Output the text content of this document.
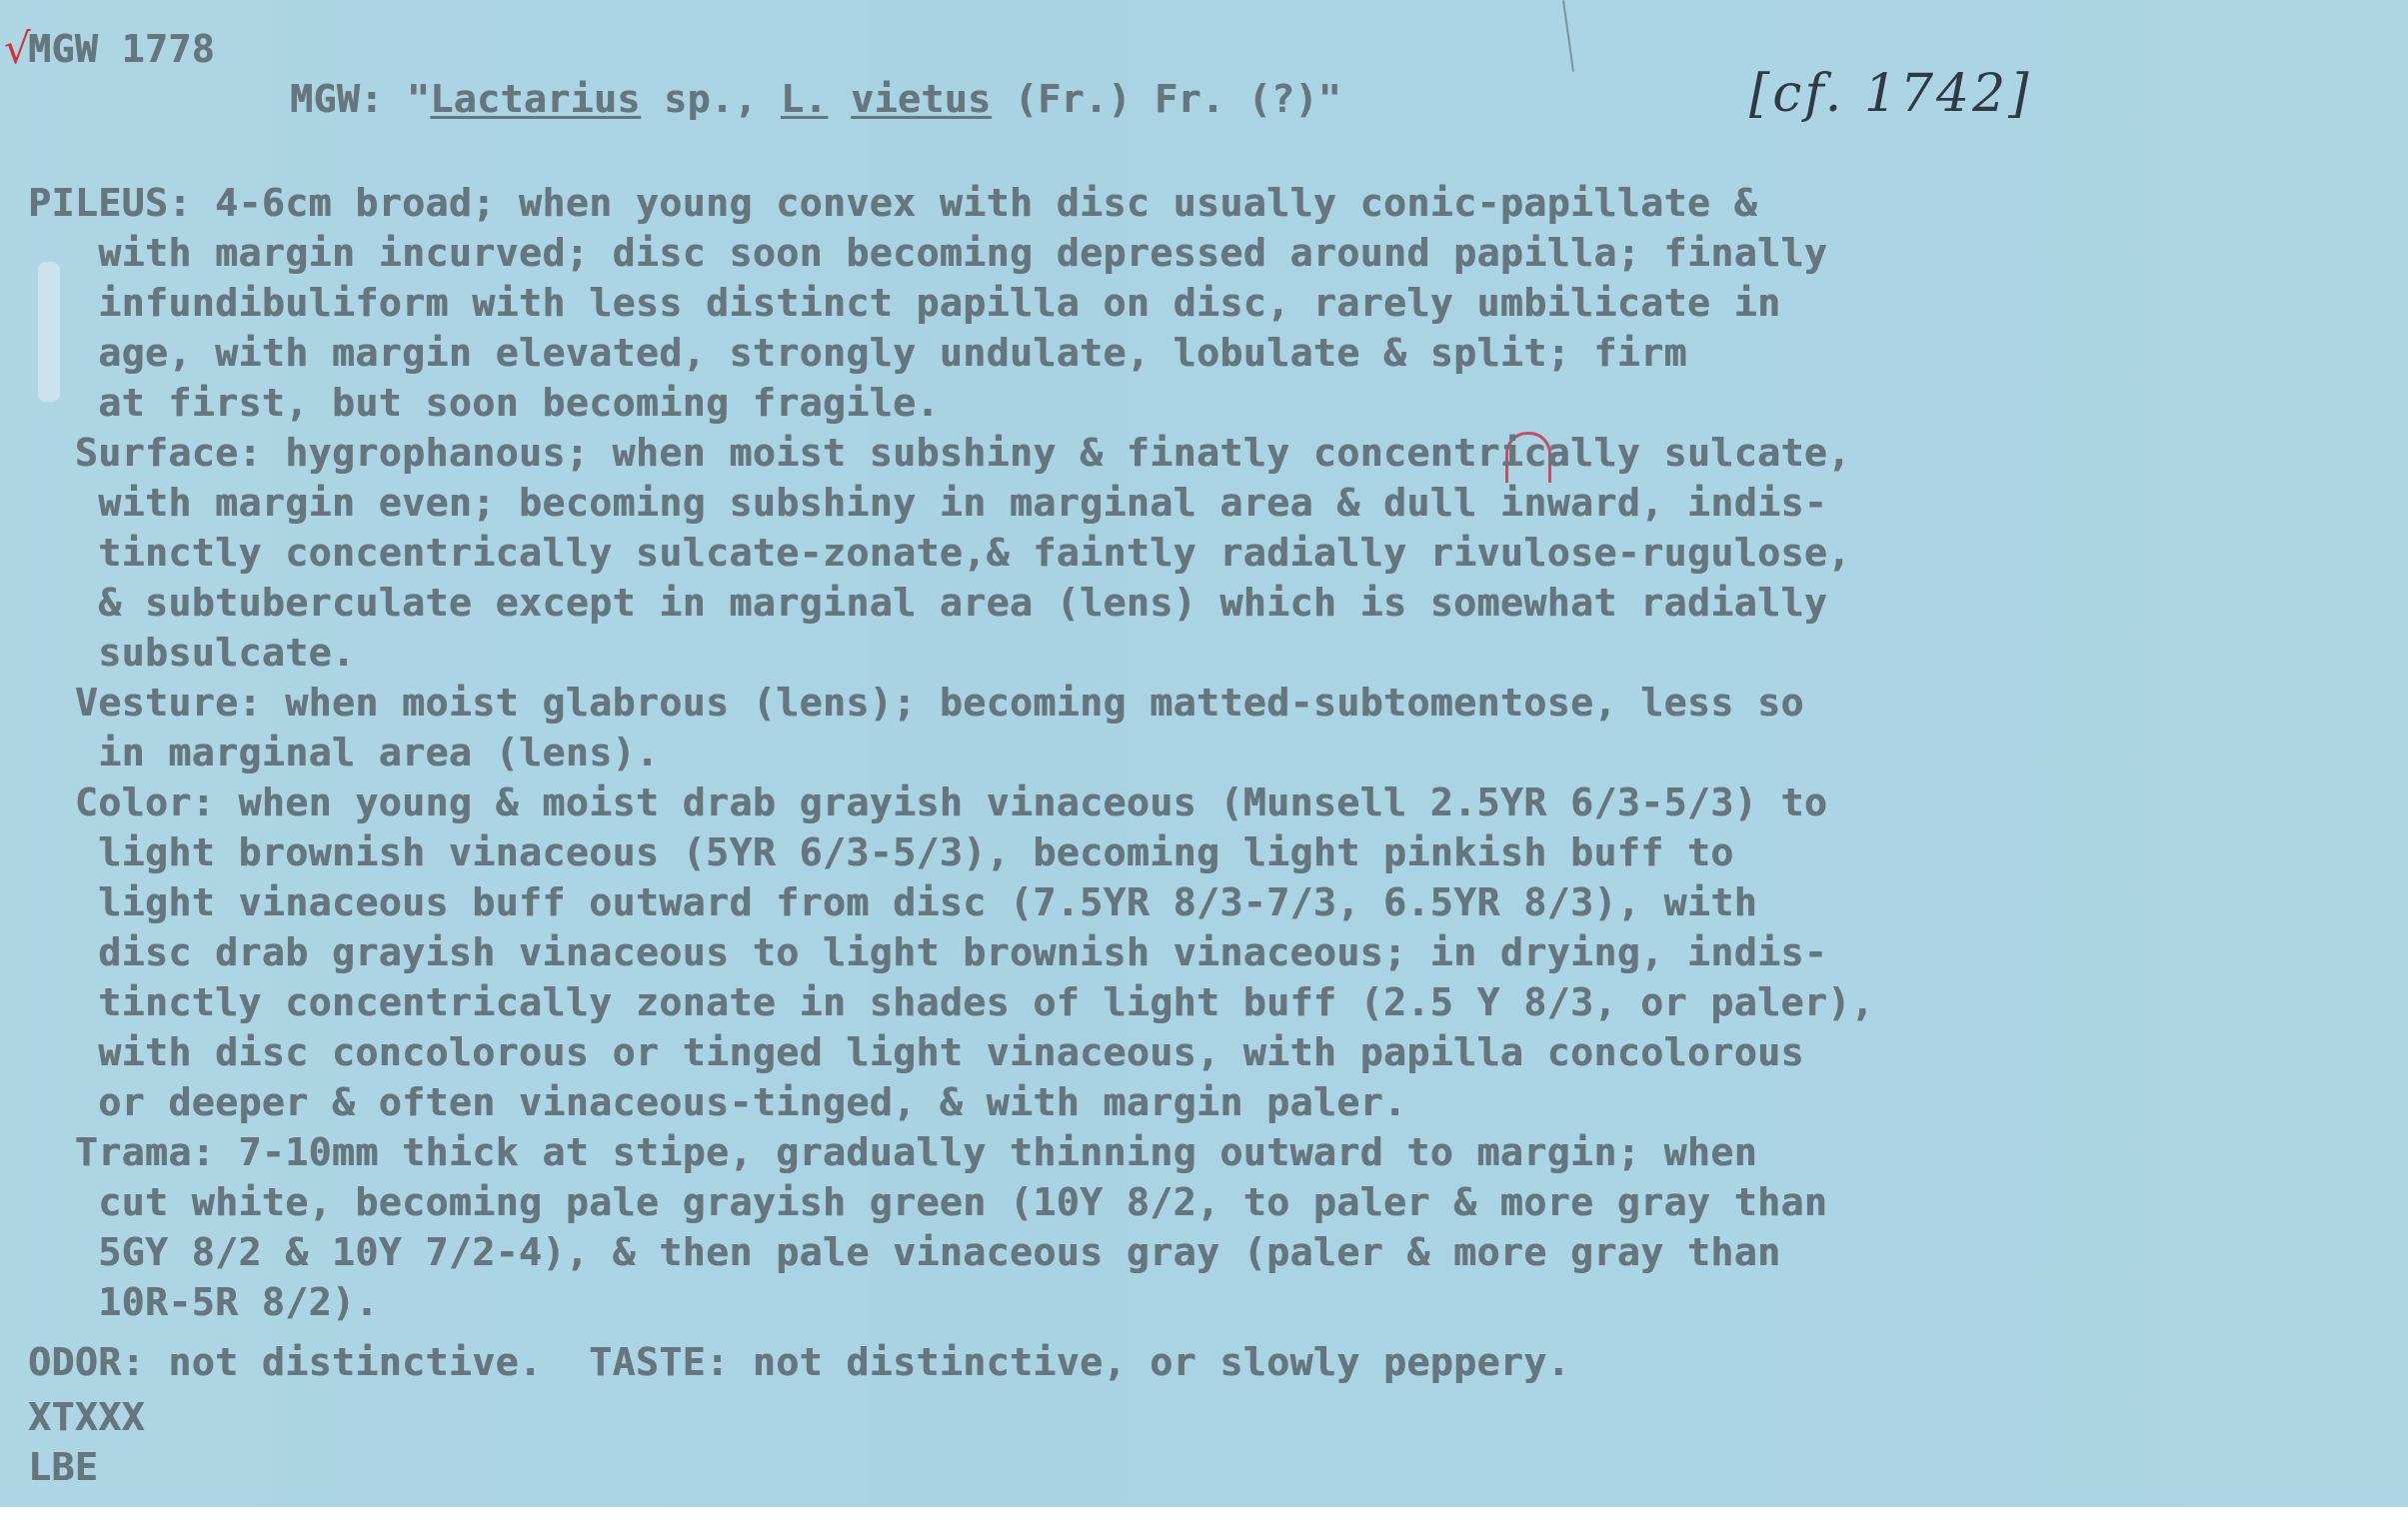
√
MGW 1778
MGW: "Lactarius sp., L. vietus (Fr.) Fr. (?)"	[cf. 1742]
PILEUS: 4-6cm broad; when young convex with disc usually conic-papillate &
with margin incurved; disc soon becoming depressed around papilla; finally
infundibuliform with less distinct papilla on disc, rarely umbilicate in
age, with margin elevated, strongly undulate, lobulate & split; firm
at first, but soon becoming fragile.
Surface: hygrophanous; when moist subshiny & finatly concentrically sulcate,
with margin even; becoming subshiny in marginal area & dull inward, indis-
tinctly concentrically sulcate-zonate,& faintly radially rivulose-rugulose,
& subtuberculate except in marginal area (lens) which is somewhat radially
subsulcate.
Vesture: when moist glabrous (lens); becoming matted-subtomentose, less so
in marginal area (lens).
Color: when young & moist drab grayish vinaceous (Munsell 2.5YR 6/3-5/3) to
light brownish vinaceous (5YR 6/3-5/3), becoming light pinkish buff to
light vinaceous buff outward from disc (7.5YR 8/3-7/3, 6.5YR 8/3), with
disc drab grayish vinaceous to light brownish vinaceous; in drying, indis-
tinctly concentrically zonate in shades of light buff (2.5 Y 8/3, or paler),
with disc concolorous or tinged light vinaceous, with papilla concolorous
or deeper & often vinaceous-tinged, & with margin paler.
Trama: 7-10mm thick at stipe, gradually thinning outward to margin; when
cut white, becoming pale grayish green (10Y 8/2, to paler & more gray than
5GY 8/2 & 10Y 7/2-4), & then pale vinaceous gray (paler & more gray than
10R-5R 8/2).
ODOR: not distinctive.  TASTE: not distinctive, or slowly peppery.
XTXXX
LBE
